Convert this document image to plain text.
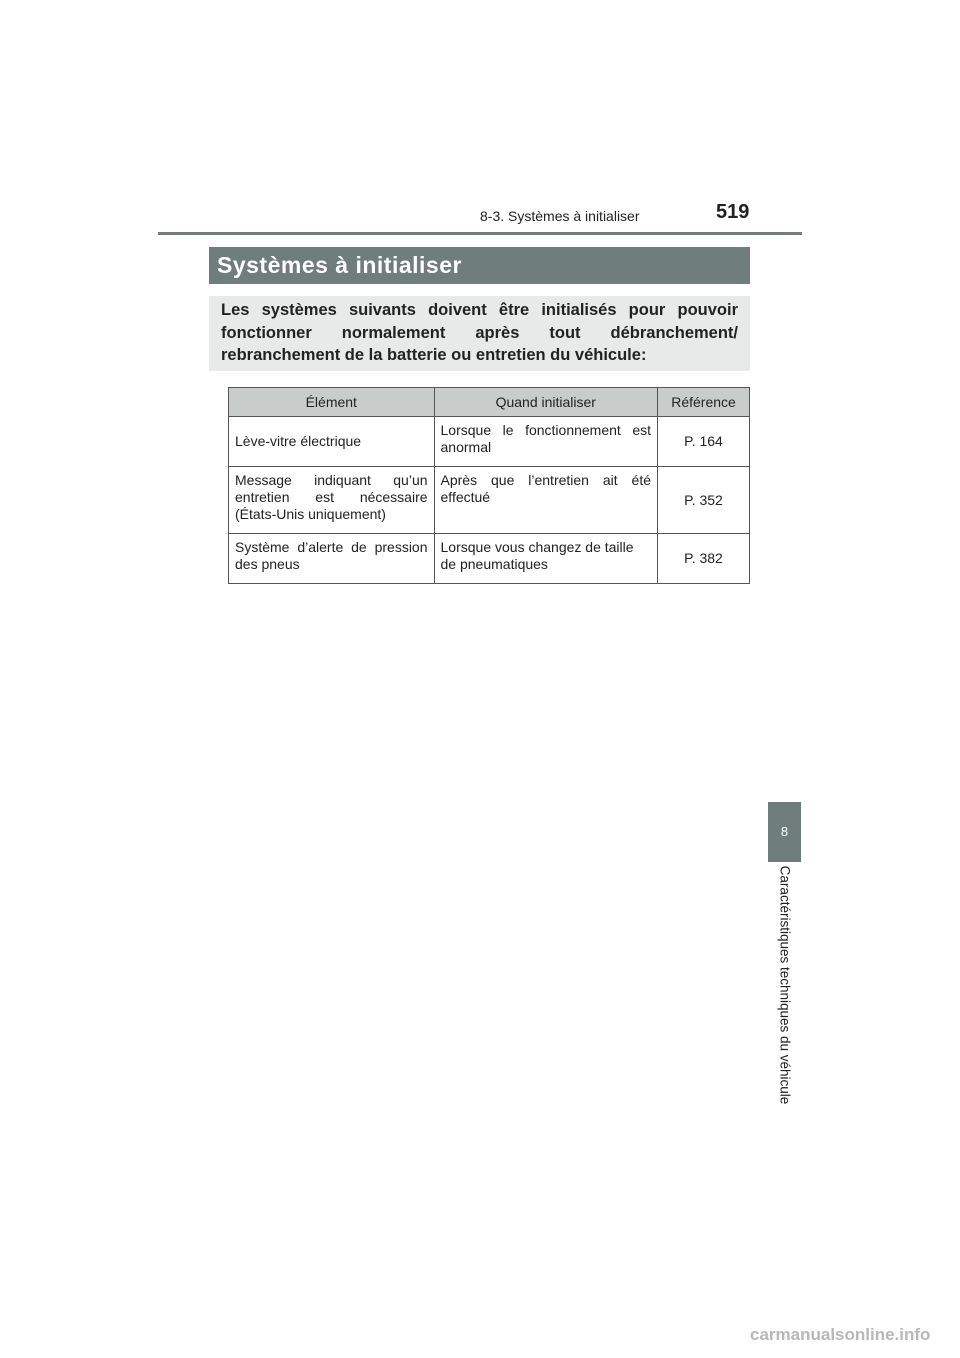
8-3. Systèmes à initialiser	519
Systèmes à initialiser
Les systèmes suivants doivent être initialisés pour pouvoir fonctionner normalement après tout débranchement/ rebranchement de la batterie ou entretien du véhicule:
Élément	Quand initialiser	Référence
Lève-vitre électrique	Lorsque le fonctionnement est anormal	P. 164
Message indiquant qu’un entretien est nécessaire (États-Unis uniquement)	Après que l’entretien ait été effectué	P. 352
Système d’alerte de pression des pneus	Lorsque vous changez de taille de pneumatiques	P. 382
8
Caractéristiques techniques du véhicule
carmanualsonline.info
